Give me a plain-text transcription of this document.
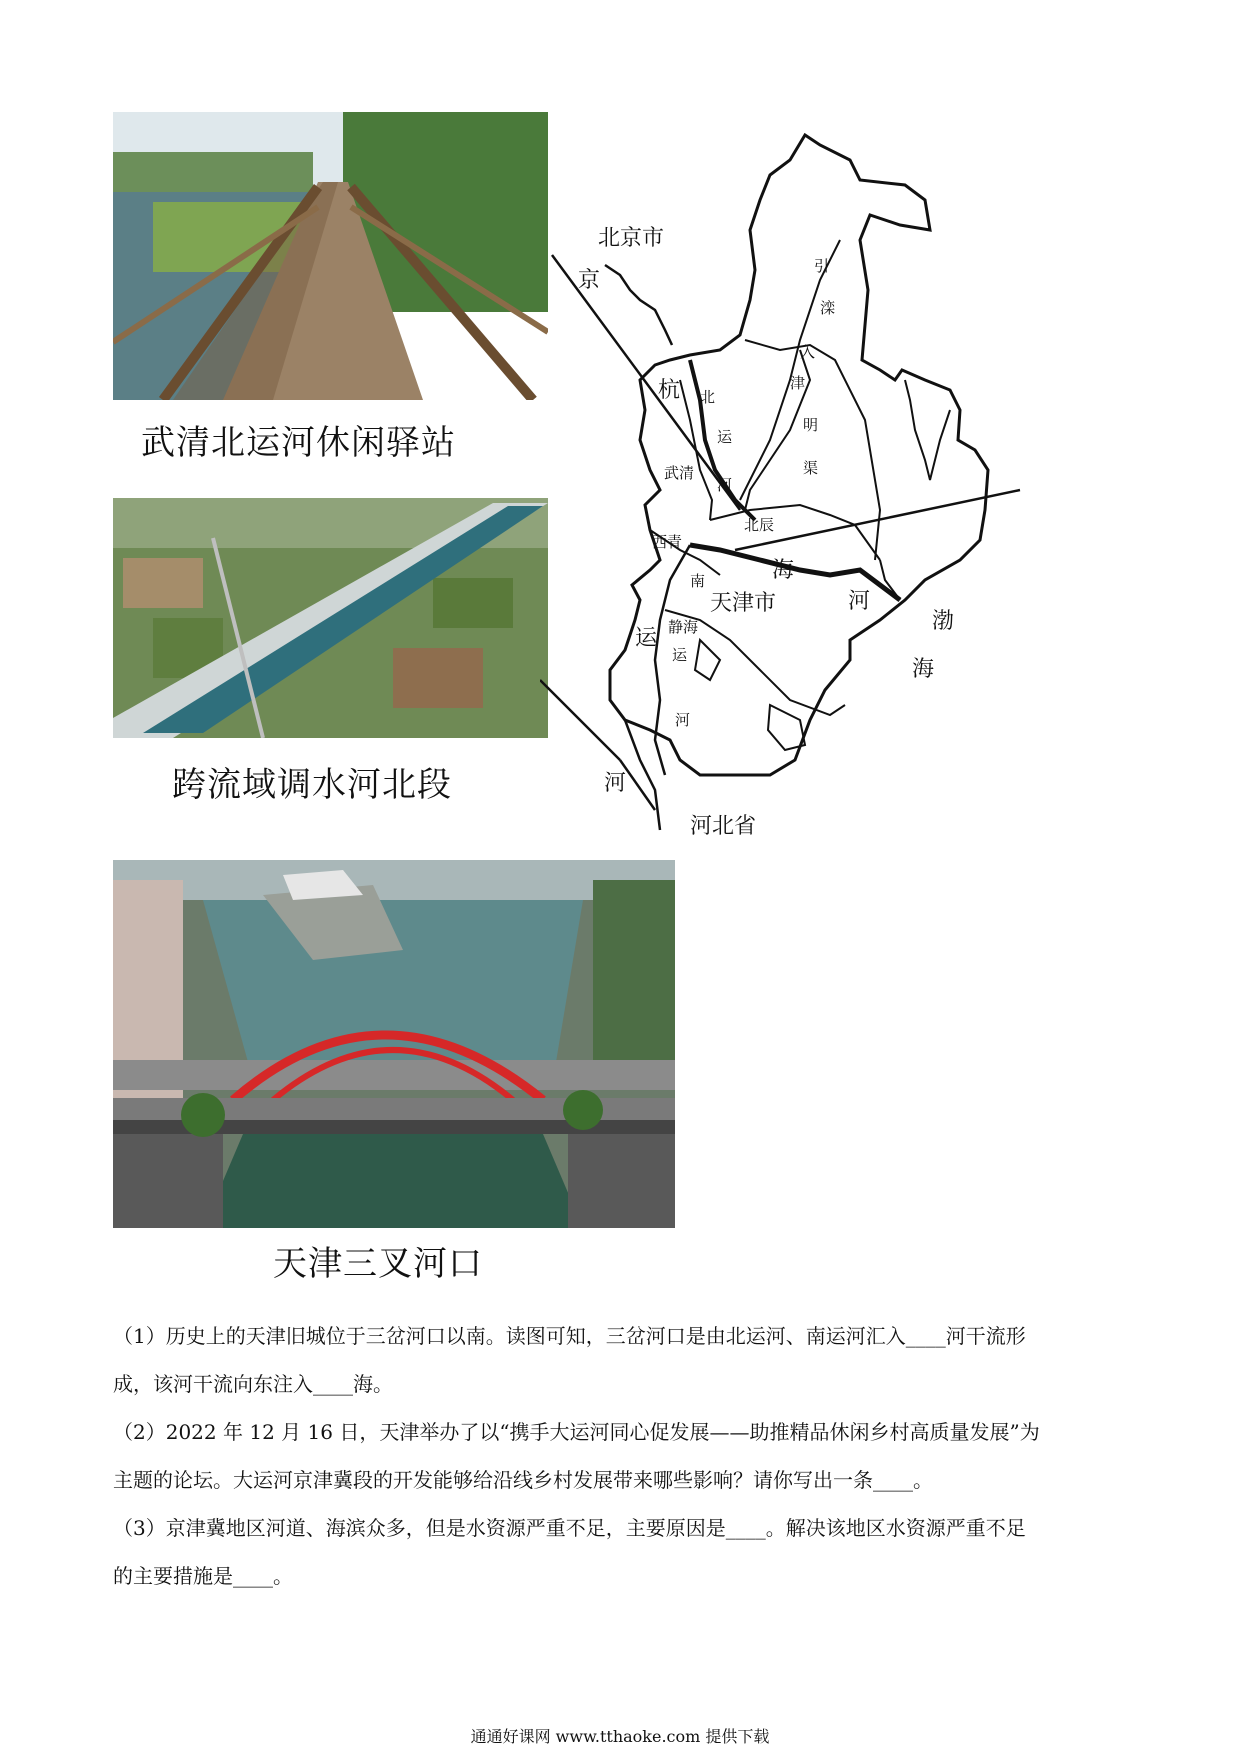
武清北运河休闲驿站
跨流域调水河北段
天津三叉河口
北京市
京
杭 北
运
河
武清
引
滦
入
津
明
渠
北辰
西青
南	海
天津市	河
静海
运
河
运
河
渤
海
河北省
（1）历史上的天津旧城位于三岔河口以南。读图可知，三岔河口是由北运河、南运河汇入____河干流形
成，该河干流向东注入____海。
（2）2022 年 12 月 16 日，天津举办了以“携手大运河同心促发展——助推精品休闲乡村高质量发展”为
主题的论坛。大运河京津冀段的开发能够给沿线乡村发展带来哪些影响？请你写出一条____。
（3）京津冀地区河道、海滨众多，但是水资源严重不足，主要原因是____。解决该地区水资源严重不足
的主要措施是____。
通通好课网 www.tthaoke.com 提供下载
